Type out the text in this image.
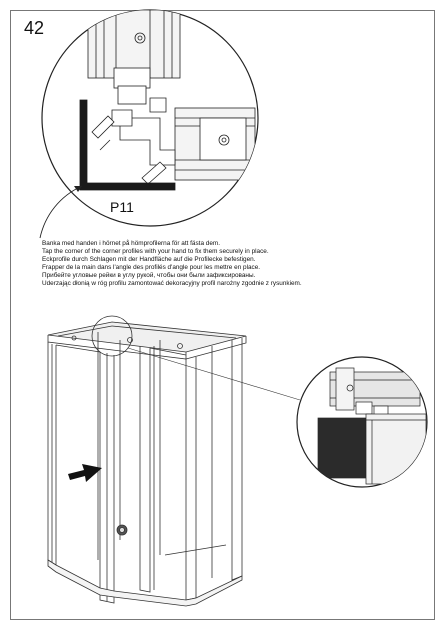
42
P11
Banka med handen i hörnet på hömprofilerna för att fästa dem.
Tap the corner of the corner profiles with your hand to fix them securely in place.
Eckprofile durch Schlagen mit der Handfläche auf die Profilecke befestigen.
Frapper de la main dans l'angle des profilés d'angle pour les mettre en place.
Прибейте угловые рейки в углу рукой, чтобы они были зафиксированы.
Uderzając dłonią w róg profilu zamontować dekoracyjny profil narożny zgodnie z rysunkiem.
